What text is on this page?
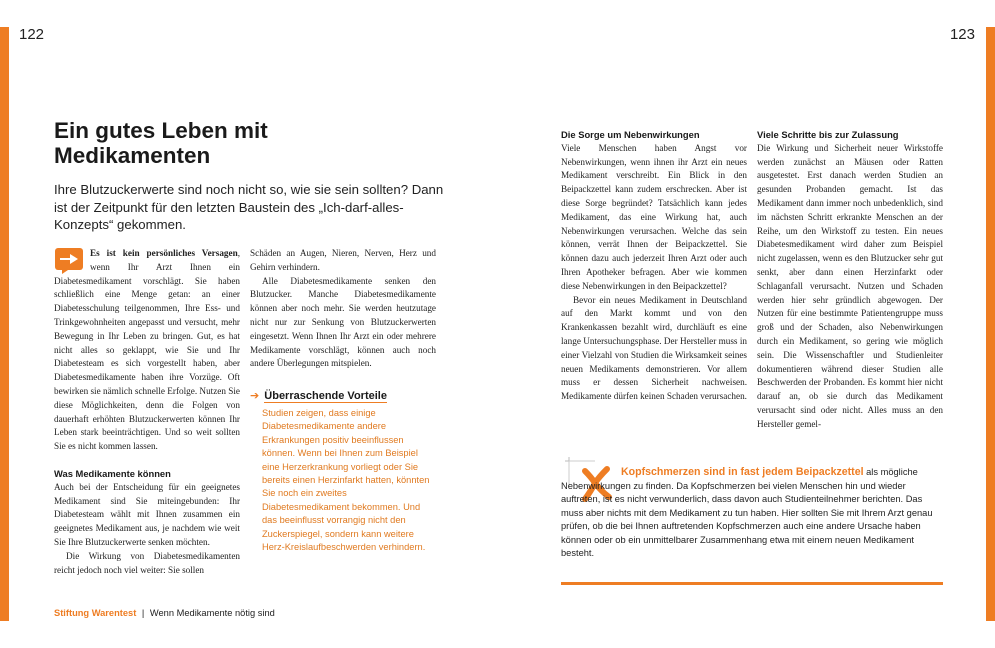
122	123
Ein gutes Leben mit
Medikamenten

Ihre Blutzuckerwerte sind noch nicht so, wie sie sein sollten? Dann ist der Zeitpunkt für den letzten Baustein des „Ich-darf-alles-Konzepts“ gekommen.

Es ist kein persönliches Versagen, wenn Ihr Arzt Ihnen ein Diabetesmedikament vorschlägt. Sie haben schließlich eine Menge getan: an einer Diabetesschulung teilgenommen, Ihre Ess- und Trinkgewohnheiten angepasst und versucht, mehr Bewegung in Ihr Leben zu bringen. Gut, es hat nicht alles so geklappt, wie Sie und Ihr Diabetesteam es sich vorgestellt haben, aber Diabetesmedikamente haben ihre Vorzüge. Oft bewirken sie nämlich schnelle Erfolge. Nutzen Sie diese Möglichkeiten, denn die Folgen von dauerhaft erhöhten Blutzuckerwerten können Ihr Leben stark beeinträchtigen. Und so weit sollten Sie es nicht kommen lassen.

Was Medikamente können

Auch bei der Entscheidung für ein geeignetes Medikament sind Sie miteingebunden: Ihr Diabetesteam wählt mit Ihnen zusammen ein geeignetes Medikament aus, je nachdem wie weit Sie Ihre Blutzuckerwerte senken möchten.

Die Wirkung von Diabetesmedikamenten reicht jedoch noch viel weiter: Sie sollen

Schäden an Augen, Nieren, Nerven, Herz und Gehirn verhindern.

Alle Diabetesmedikamente senken den Blutzucker. Manche Diabetesmedikamente können aber noch mehr. Sie werden heutzutage nicht nur zur Senkung von Blutzuckerwerten eingesetzt. Wenn Ihnen Ihr Arzt ein oder mehrere Medikamente vorschlägt, können auch noch andere Überlegungen mitspielen.

➔ Überraschende Vorteile

Studien zeigen, dass einige Diabetesmedikamente andere Erkrankungen positiv beeinflussen können. Wenn bei Ihnen zum Beispiel eine Herzerkrankung vorliegt oder Sie bereits einen Herzinfarkt hatten, könnten Sie noch ein zweites Diabetesmedikament bekommen. Und das beeinflusst vorrangig nicht den Zuckerspiegel, sondern kann weitere Herz-Kreislaufbeschwerden verhindern.

Die Sorge um Nebenwirkungen

Viele Menschen haben Angst vor Nebenwirkungen, wenn ihnen ihr Arzt ein neues Medikament verschreibt. Ein Blick in den Beipackzettel kann zudem erschrecken. Aber ist diese Sorge begründet? Tatsächlich kann jedes Medikament, das eine Wirkung hat, auch Nebenwirkungen verursachen. Welche das sein können, verrät Ihnen der Beipackzettel. Sie können dazu auch jederzeit Ihren Arzt oder auch Ihren Apotheker befragen. Aber wie kommen diese Nebenwirkungen in den Beipackzettel?

Bevor ein neues Medikament in Deutschland auf den Markt kommt und von den Krankenkassen bezahlt wird, durchläuft es eine lange Untersuchungsphase. Der Hersteller muss in einer Vielzahl von Studien die Wirksamkeit seines neuen Medikaments demonstrieren. Vor allem muss er dessen Sicherheit nachweisen. Medikamente dürfen keinen Schaden verursachen.

Viele Schritte bis zur Zulassung

Die Wirkung und Sicherheit neuer Wirkstoffe werden zunächst an Mäusen oder Ratten ausgetestet. Erst danach werden Studien an gesunden Probanden gemacht. Ist das Medikament dann immer noch unbedenklich, sind im nächsten Schritt erkrankte Menschen an der Reihe, um den Wirkstoff zu testen. Ein neues Diabetesmedikament wird daher zum Beispiel nicht zugelassen, wenn es den Blutzucker sehr gut senkt, aber dann einen Herzinfarkt oder Schlaganfall verursacht. Nutzen und Schaden werden hier sehr gründlich abgewogen. Der Nutzen für eine bestimmte Patientengruppe muss groß und der Schaden, also Nebenwirkungen durch ein Medikament, so gering wie möglich sein. Die Wissenschaftler und Studienleiter dokumentieren während dieser Studien alle Beschwerden der Probanden. Es kommt hier nicht darauf an, ob sie durch das Medikament verursacht sind oder nicht. Alles muss an den Hersteller gemel-

Kopfschmerzen sind in fast jedem Beipackzettel als mögliche Nebenwirkungen zu finden. Da Kopfschmerzen bei vielen Menschen hin und wieder auftreten, ist es nicht verwunderlich, dass davon auch Studienteilnehmer berichten. Das muss aber nichts mit dem Medikament zu tun haben. Hier sollten Sie mit Ihrem Arzt genau prüfen, ob die bei Ihnen auftretenden Kopfschmerzen auch eine andere Ursache haben können oder ob ein unmittelbarer Zusammenhang etwa mit einem neuen Medikament besteht.

Stiftung Warentest | Wenn Medikamente nötig sind
